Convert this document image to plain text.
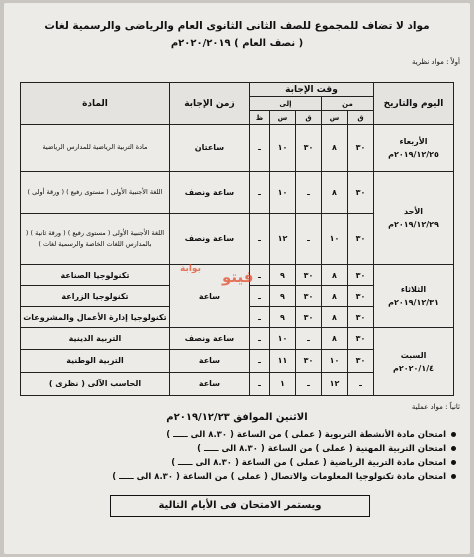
مواد لا تضاف للمجموع للصف الثانى الثانوى العام والرياضى والرسمية لغات
( نصف العام ) ٢٠٢٠/٢٠١٩م
أولاً : مواد نظرية
اليوم والتاريخ	وقت الإجابة					زمن الإجابة	المادة
	من		إلى				
	ق	س	ق	س	ظ		

الأربعاء
٢٠١٩/١٢/٢٥م	٣٠	٨	٣٠	١٠	ـ	ساعتان	مادة التربية الرياضية للمدارس الرياضية

الأحد
٢٠١٩/١٢/٢٩م	٣٠	٨	ـ	١٠	ـ	ساعة ونصف	اللغة الأجنبية الأولى ( مستوى رفيع ) ( ورقة أولى )
	٣٠	١٠	ـ	١٢	ـ	ساعة ونصف	اللغة الأجنبية الأولى ( مستوى رفيع ) ( ورقة ثانية ) ( بالمدارس اللغات الخاصة والرسمية لغات )

الثلاثاء
٢٠١٩/١٢/٣١م	٣٠	٨	٣٠	٩	ـ	ساعة	تكنولوجيا الصناعة
	٣٠	٨	٣٠	٩	ـ		تكنولوجيا الزراعة
	٣٠	٨	٣٠	٩	ـ		تكنولوجيا إدارة الأعمال والمشروعات

السبت
٢٠٢٠/١/٤م	٣٠	٨	ـ	١٠	ـ	ساعة ونصف	التربية الدينية
	٣٠	١٠	٣٠	١١	ـ	ساعة	التربية الوطنية
	ـ	١٢	ـ	١	ـ	ساعة	الحاسب الآلى ( نظرى )
بوابة فيتو
ثانياً : مواد عملية
الاثنين الموافق ٢٠١٩/١٢/٢٣م
امتحان مادة الأنشطة التربوية ( عملى ) من الساعة ( ٨.٣٠ الى ـــــ )
امتحان التربية المهنية ( عملى ) من الساعة ( ٨.٣٠ الى ـــــ )
امتحان مادة التربية الرياضية ( عملى ) من الساعة ( ٨.٣٠ الى ـــــ )
امتحان مادة تكنولوجيا المعلومات والاتصال ( عملى ) من الساعة ( ٨.٣٠ الى ـــــ )
ويستمر الامتحان فى الأيام التالية
